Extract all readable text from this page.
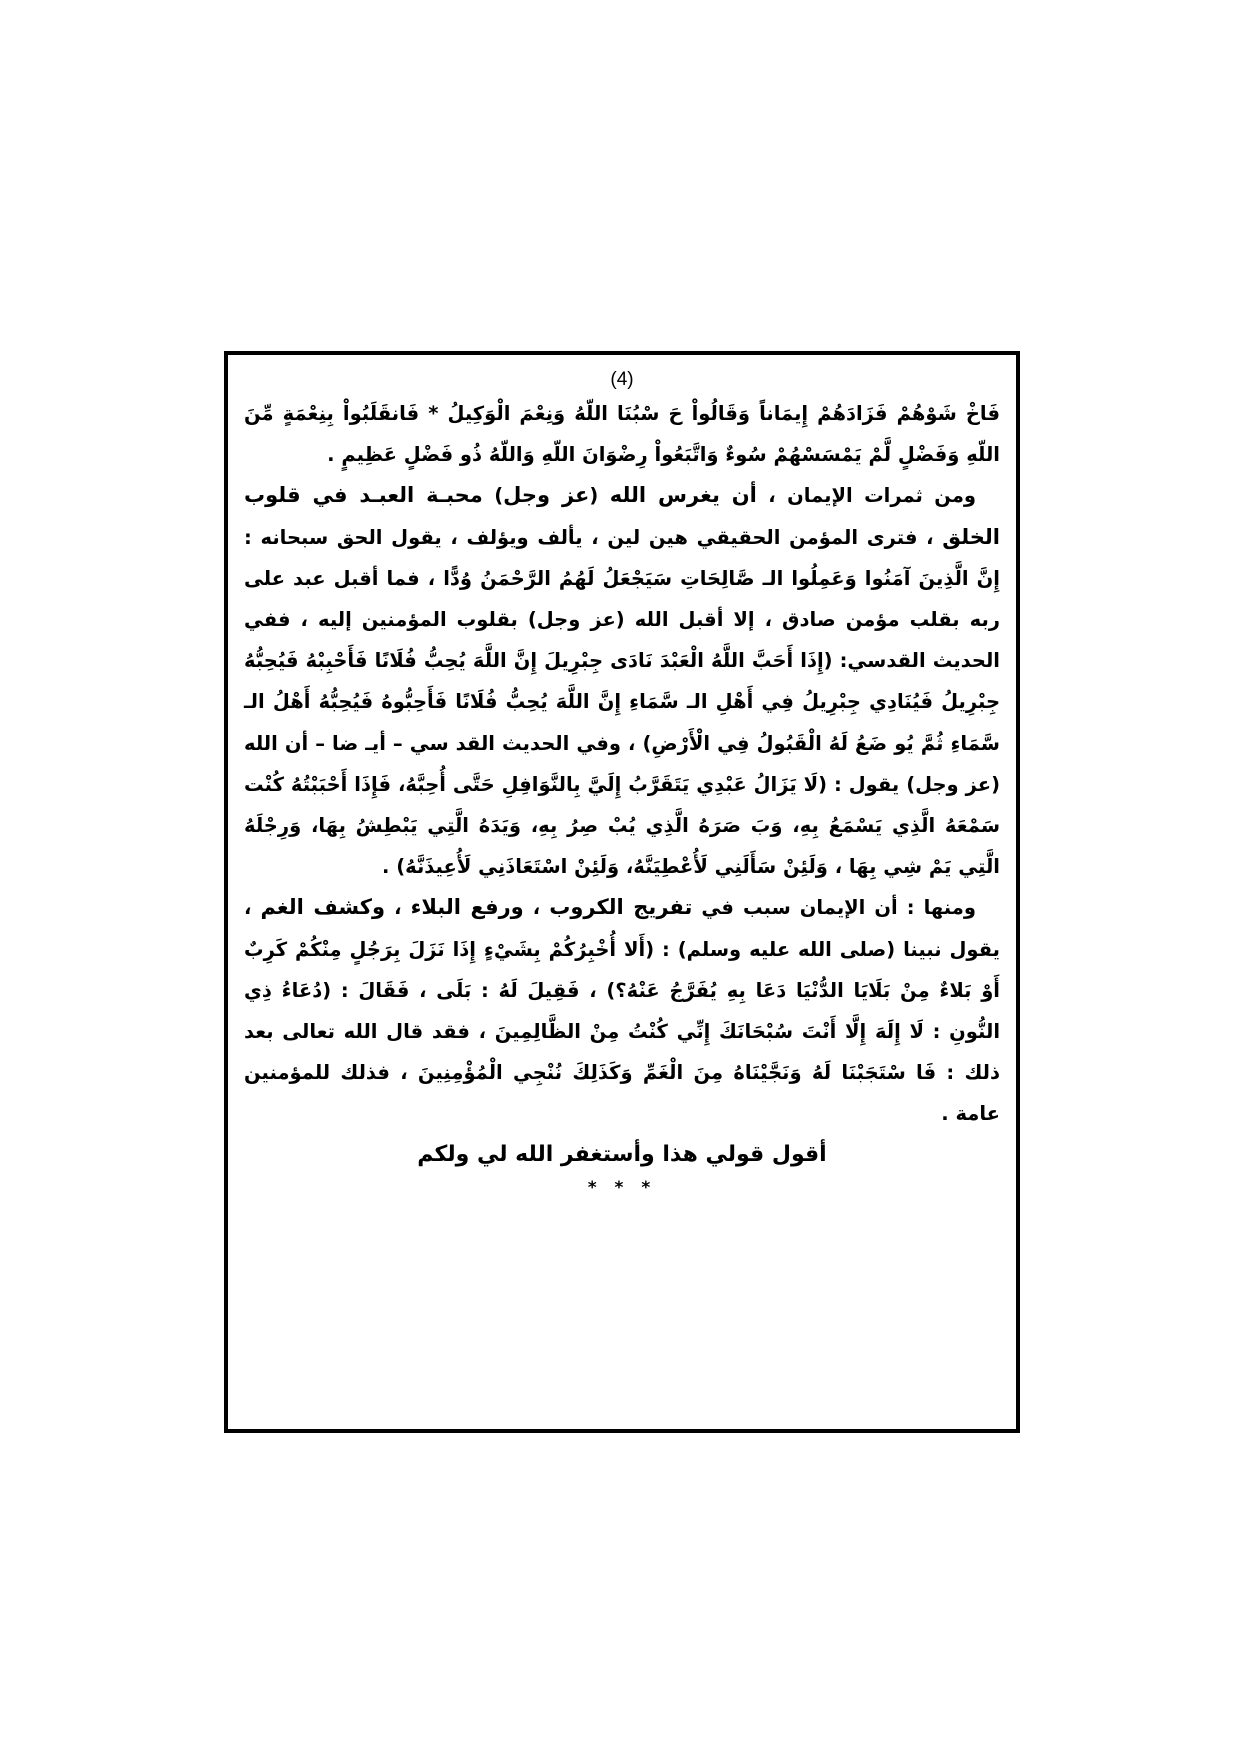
(4)

فَاخْ شَوْهُمْ فَزَادَهُمْ إِيمَاناً وَقَالُواْ حَ سْبُنَا اللّهُ وَنِعْمَ الْوَكِيلُ * فَانقَلَبُواْ بِنِعْمَةٍ مِّنَ اللّهِ وَفَضْلٍ لَّمْ يَمْسَسْهُمْ سُوءٌ وَاتَّبَعُواْ رِضْوَانَ اللّهِ وَاللّهُ ذُو فَضْلٍ عَظِيمٍ .

ومن ثمرات الإيمان ، أن يغرس الله (عز وجل) محبـة العبـد في قلوب الخلق ، فترى المؤمن الحقيقي هين لين ، يألف ويؤلف ، يقول الحق سبحانه : إِنَّ الَّذِينَ آمَنُوا وَعَمِلُوا الـ صَّالِحَاتِ سَيَجْعَلُ لَهُمُ الرَّحْمَنُ وُدًّا ، فما أقبل عبد على ربه بقلب مؤمن صادق ، إلا أقبل الله (عز وجل) بقلوب المؤمنين إليه ، ففي الحديث القدسي: (إِذَا أَحَبَّ اللَّهُ الْعَبْدَ نَادَى جِبْرِيلَ إِنَّ اللَّهَ يُحِبُّ فُلَانًا فَأَحْبِبْهُ فَيُحِبُّهُ جِبْرِيلُ فَيُنَادِي جِبْرِيلُ فِي أَهْلِ الـ سَّمَاءِ إِنَّ اللَّهَ يُحِبُّ فُلَانًا فَأَحِبُّوهُ فَيُحِبُّهُ أَهْلُ الـ سَّمَاءِ ثُمَّ يُو ضَعُ لَهُ الْقَبُولُ فِي الْأَرْضِ) ، وفي الحديث القد سي – أيـ ضا – أن الله (عز وجل) يقول : (لَا يَزَالُ عَبْدِي يَتَقَرَّبُ إِلَيَّ بِالنَّوَافِلِ حَتَّى أُحِبَّهُ، فَإِذَا أَحْبَبْتُهُ كُنْت سَمْعَهُ الَّذِي يَسْمَعُ بِهِ، وَبَ صَرَهُ الَّذِي يُبْ صِرُ بِهِ، وَيَدَهُ الَّتِي يَبْطِشُ بِهَا، وَرِجْلَهُ الَّتِي يَمْ شِي بِهَا ، وَلَئِنْ سَأَلَنِي لَأُعْطِيَنَّهُ، وَلَئِنْ اسْتَعَاذَنِي لَأُعِيذَنَّهُ) .

ومنها : أن الإيمان سبب في تفريج الكروب ، ورفع البلاء ، وكشف الغم ، يقول نبينا (صلى الله عليه وسلم) : (أَلا أُخْبِرُكُمْ بِشَيْءٍ إِذَا نَزَلَ بِرَجُلٍ مِنْكُمْ كَرِبٌ أَوْ بَلاءٌ مِنْ بَلَايَا الدُّنْيَا دَعَا بِهِ يُفَرَّجُ عَنْهُ؟) ، فَقِيلَ لَهُ : بَلَى ، فَقَالَ : (دُعَاءُ ذِي النُّونِ : لَا إِلَهَ إِلَّا أَنْتَ سُبْحَانَكَ إِنِّي كُنْتُ مِنْ الظَّالِمِينَ ، فقد قال الله تعالى بعد ذلك : فَا سْتَجَبْنَا لَهُ وَنَجَّيْنَاهُ مِنَ الْغَمِّ وَكَذَلِكَ نُنْجِي الْمُؤْمِنِينَ ، فذلك للمؤمنين عامة .

أقول قولي هذا وأستغفر الله لي ولكم

* * *
